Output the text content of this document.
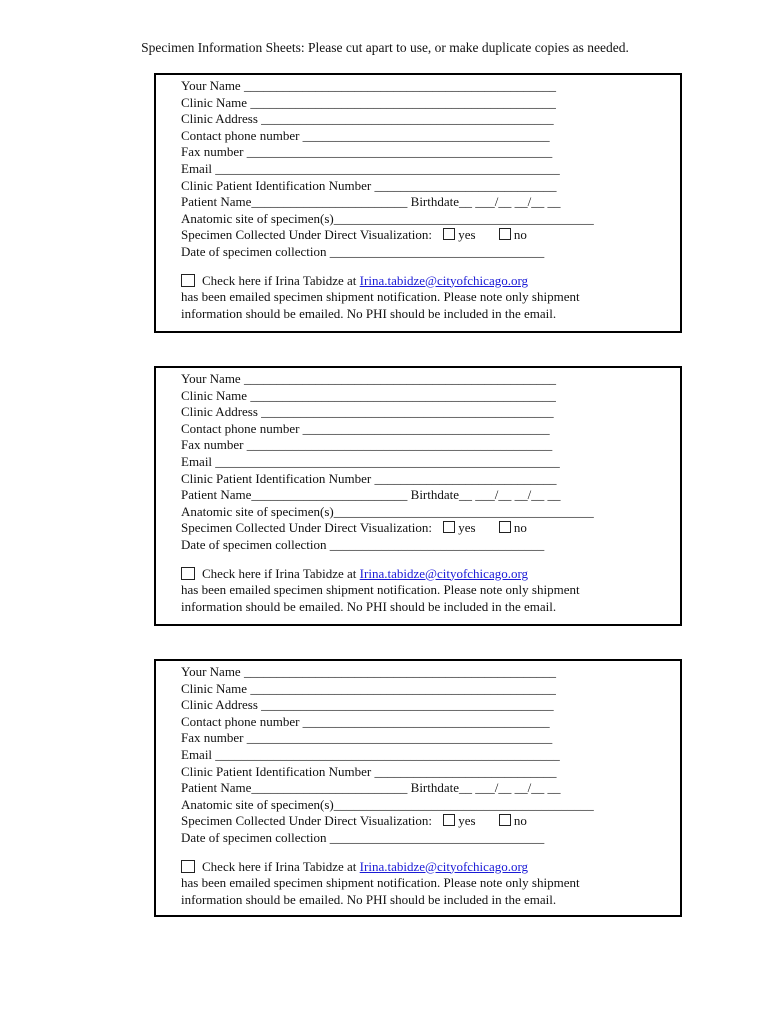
Specimen Information Sheets: Please cut apart to use, or make duplicate copies as needed.
Your Name ________________________________________________
Clinic Name _______________________________________________
Clinic Address _____________________________________________
Contact phone number ______________________________________
Fax number _______________________________________________
Email _____________________________________________________
Clinic Patient Identification Number ____________________________
Patient Name________________________ Birthdate__ ___/__ __/__ __
Anatomic site of specimen(s)________________________________________
Specimen Collected Under Direct Visualization: yes	no
Date of specimen collection _________________________________
Check here if Irina Tabidze at Irina.tabidze@cityofchicago.org
has been emailed specimen shipment notification. Please note only shipment
information should be emailed. No PHI should be included in the email.
Your Name ________________________________________________
Clinic Name _______________________________________________
Clinic Address _____________________________________________
Contact phone number ______________________________________
Fax number _______________________________________________
Email _____________________________________________________
Clinic Patient Identification Number ____________________________
Patient Name________________________ Birthdate__ ___/__ __/__ __
Anatomic site of specimen(s)________________________________________
Specimen Collected Under Direct Visualization: yes	no
Date of specimen collection _________________________________
Check here if Irina Tabidze at Irina.tabidze@cityofchicago.org
has been emailed specimen shipment notification. Please note only shipment
information should be emailed. No PHI should be included in the email.
Your Name ________________________________________________
Clinic Name _______________________________________________
Clinic Address _____________________________________________
Contact phone number ______________________________________
Fax number _______________________________________________
Email _____________________________________________________
Clinic Patient Identification Number ____________________________
Patient Name________________________ Birthdate__ ___/__ __/__ __
Anatomic site of specimen(s)________________________________________
Specimen Collected Under Direct Visualization: yes	no
Date of specimen collection _________________________________
Check here if Irina Tabidze at Irina.tabidze@cityofchicago.org
has been emailed specimen shipment notification. Please note only shipment
information should be emailed. No PHI should be included in the email.
